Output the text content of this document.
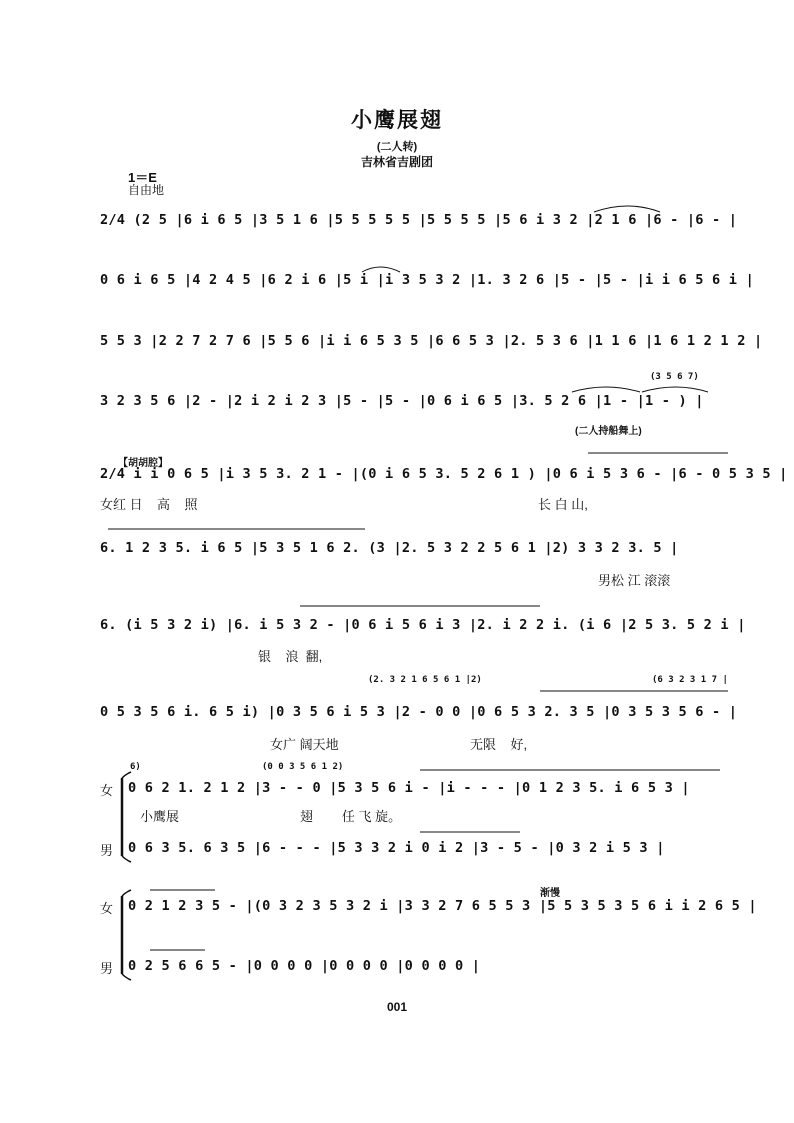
小鹰展翅
(二人转)
吉林省吉剧团
1＝E
自由地
2/4 (2 5 |6 i 6 5 |3 5 1 6 |5 5 5 5 5 |5 5 5 5 |5 6 i 3 2 |2 1 6 |6 - |6 - |
0 6 i 6 5 |4 2 4 5 |6 2 i 6 |5 i |i 3 5 3 2 |1. 3 2 6 |5 - |5 - |i i 6 5 6 i |
5 5 3 |2 2 7 2 7 6 |5 5 6 |i i 6 5 3 5 |6 6 5 3 |2. 5 3 6 |1 1 6 |1 6 1 2 1 2 |
3 2 3 5 6 |2 - |2 i 2 i 2 3 |5 - |5 - |0 6 i 6 5 |3. 5 2 6 |1 - |1 - ) |
(3 5 6 7)
(二人持船舞上)
【胡胡腔】
2/4 i i 0 6 5 |i 3 5 3. 2 1 - |(0 i 6 5 3. 5 2 6 1 ) |0 6 i 5 3 6 - |6 - 0 5 3 5 |
女红 日    高    照	长 白 山,
6. 1 2 3 5. i 6 5 |5 3 5 1 6 2. (3 |2. 5 3 2 2 5 6 1 |2) 3 3 2 3. 5 |
男松 江 滚滚
6. (i 5 3 2 i) |6. i 5 3 2 - |0 6 i 5 6 i 3 |2. i 2 2 i. (i 6 |2 5 3. 5 2 i |
银    浪  翻,
(2. 3 2 1 6 5 6 1 |2)	(6 3 2 3 1 7 |
0 5 3 5 6 i. 6 5 i) |0 3 5 6 i 5 3 |2 - 0 0 |0 6 5 3 2. 3 5 |0 3 5 3 5 6 - |
女广 阔天地	无限    好,
6)	(0 0 3 5 6 1 2)
女 0 6 2 1. 2 1 2 |3 - - 0 |5 3 5 6 i - |i - - - |0 1 2 3 5. i 6 5 3 |
小鹰展	翅        任 飞 旋。
男 0 6 3 5. 6 3 5 |6 - - - |5 3 3 2 i 0 i 2 |3 - 5 - |0 3 2 i 5 3 |
渐慢
女 0 2 1 2 3 5 - |(0 3 2 3 5 3 2 i |3 3 2 7 6 5 5 3 |5 5 3 5 3 5 6 i i 2 6 5 |
男 0 2 5 6 6 5 - |0 0 0 0 |0 0 0 0 |0 0 0 0 |
001
